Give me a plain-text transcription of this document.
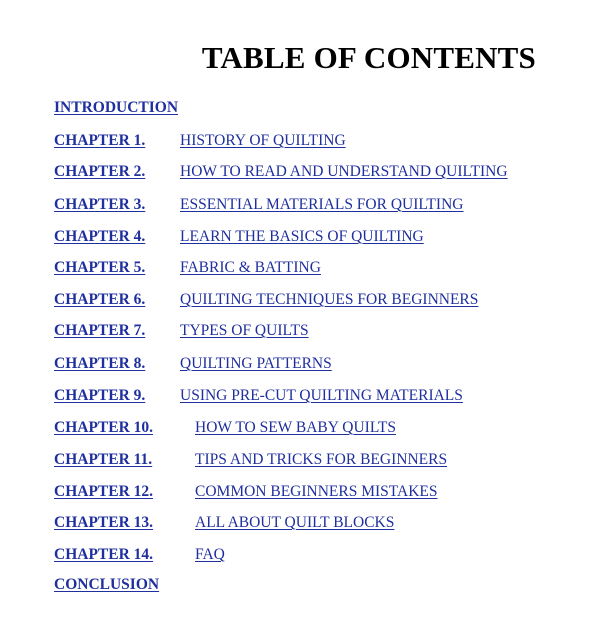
TABLE OF CONTENTS
INTRODUCTION
CHAPTER 1. HISTORY OF QUILTING
CHAPTER 2. HOW TO READ AND UNDERSTAND QUILTING
CHAPTER 3. ESSENTIAL MATERIALS FOR QUILTING
CHAPTER 4. LEARN THE BASICS OF QUILTING
CHAPTER 5. FABRIC & BATTING
CHAPTER 6. QUILTING TECHNIQUES FOR BEGINNERS
CHAPTER 7. TYPES OF QUILTS
CHAPTER 8. QUILTING PATTERNS
CHAPTER 9. USING PRE-CUT QUILTING MATERIALS
CHAPTER 10.	HOW TO SEW BABY QUILTS
CHAPTER 11.	TIPS AND TRICKS FOR BEGINNERS
CHAPTER 12.	COMMON BEGINNERS MISTAKES
CHAPTER 13.	ALL ABOUT QUILT BLOCKS
CHAPTER 14.	FAQ
CONCLUSION
